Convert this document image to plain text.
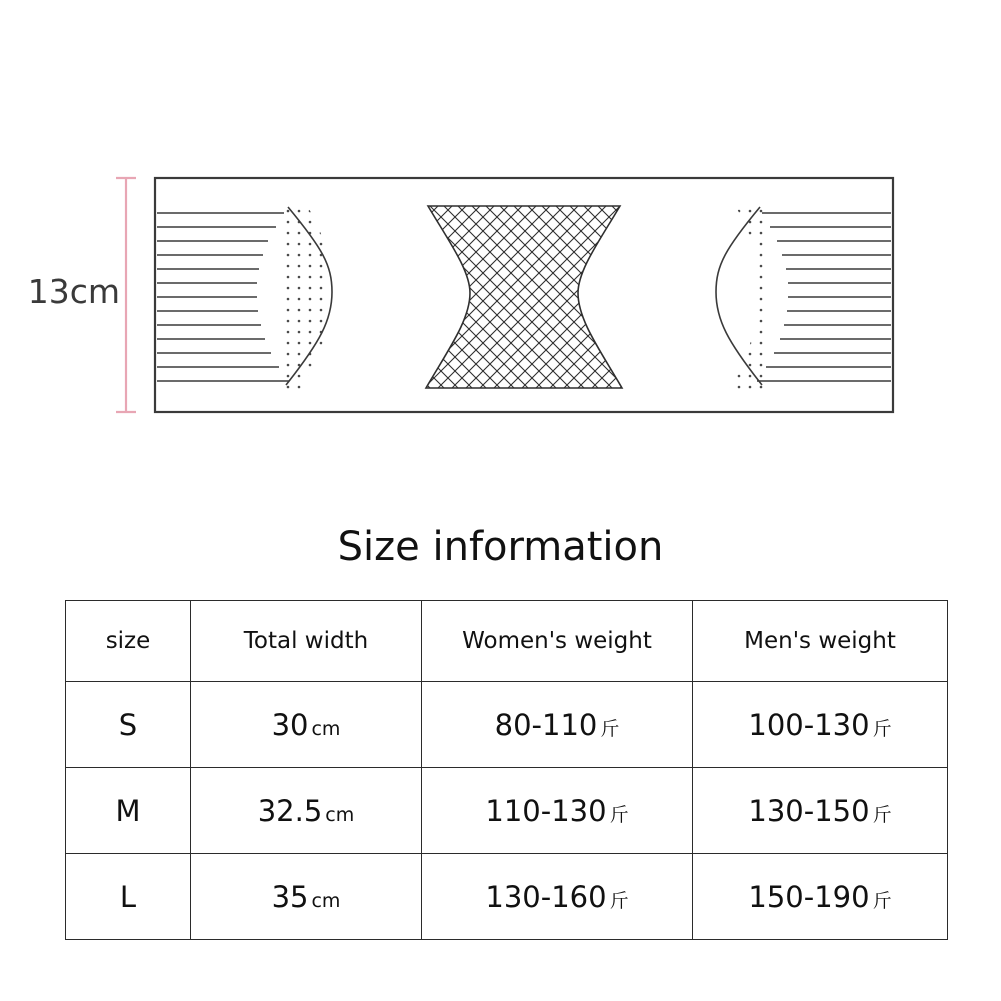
13cm
Size information
size	Total width	Women's weight	Men's weight
S	30 cm	80-110 斤	100-130 斤
M	32.5 cm	110-130 斤	130-150 斤
L	35 cm	130-160 斤	150-190 斤
